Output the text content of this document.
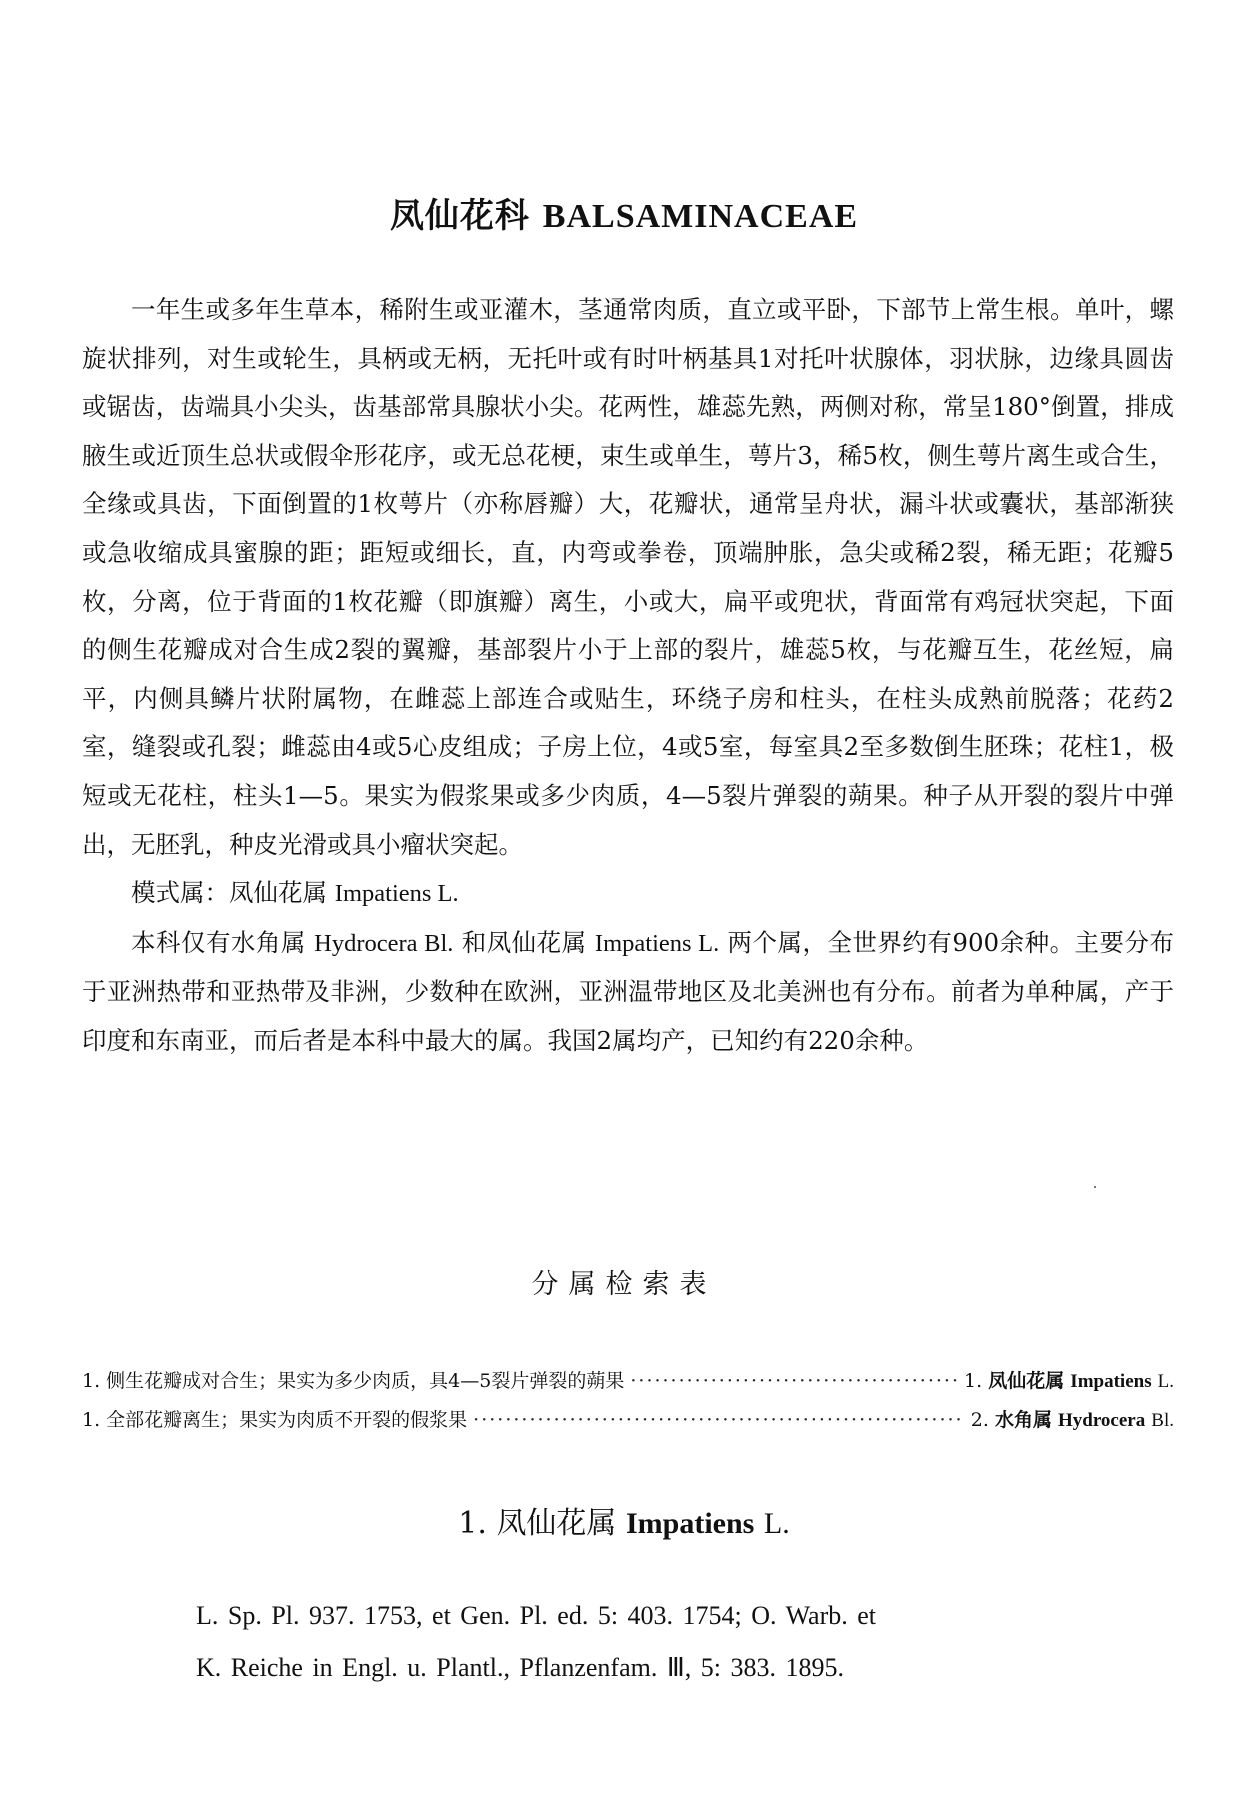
凤仙花科 BALSAMINACEAE

一年生或多年生草本，稀附生或亚灌木，茎通常肉质，直立或平卧，下部节上常生根。单叶，螺旋状排列，对生或轮生，具柄或无柄，无托叶或有时叶柄基具1对托叶状腺体，羽状脉，边缘具圆齿或锯齿，齿端具小尖头，齿基部常具腺状小尖。花两性，雄蕊先熟，两侧对称，常呈180°倒置，排成腋生或近顶生总状或假伞形花序，或无总花梗，束生或单生，萼片3，稀5枚，侧生萼片离生或合生，全缘或具齿，下面倒置的1枚萼片（亦称唇瓣）大，花瓣状，通常呈舟状，漏斗状或囊状，基部渐狭或急收缩成具蜜腺的距；距短或细长，直，内弯或拳卷，顶端肿胀，急尖或稀2裂，稀无距；花瓣5枚，分离，位于背面的1枚花瓣（即旗瓣）离生，小或大，扁平或兜状，背面常有鸡冠状突起，下面的侧生花瓣成对合生成2裂的翼瓣，基部裂片小于上部的裂片，雄蕊5枚，与花瓣互生，花丝短，扁平，内侧具鳞片状附属物，在雌蕊上部连合或贴生，环绕子房和柱头，在柱头成熟前脱落；花药2室，缝裂或孔裂；雌蕊由4或5心皮组成；子房上位，4或5室，每室具2至多数倒生胚珠；花柱1，极短或无花柱，柱头1—5。果实为假浆果或多少肉质，4—5裂片弹裂的蒴果。种子从开裂的裂片中弹出，无胚乳，种皮光滑或具小瘤状突起。

模式属：凤仙花属 Impatiens L.

本科仅有水角属 Hydrocera Bl. 和凤仙花属 Impatiens L. 两个属，全世界约有900余种。主要分布于亚洲热带和亚热带及非洲，少数种在欧洲，亚洲温带地区及北美洲也有分布。前者为单种属，产于印度和东南亚，而后者是本科中最大的属。我国2属均产，已知约有220余种。

分属检索表
1. 侧生花瓣成对合生；果实为多少肉质，具4—5裂片弹裂的蒴果 ·····	1. 凤仙花属 Impatiens L.
1. 全部花瓣离生；果实为肉质不开裂的假浆果 ·····	2. 水角属 Hydrocera Bl.
1. 凤仙花属 Impatiens L.
L. Sp. Pl. 937. 1753, et Gen. Pl. ed. 5: 403. 1754; O. Warb. et
K. Reiche in Engl. u. Plantl., Pflanzenfam. Ⅲ, 5: 383. 1895.
